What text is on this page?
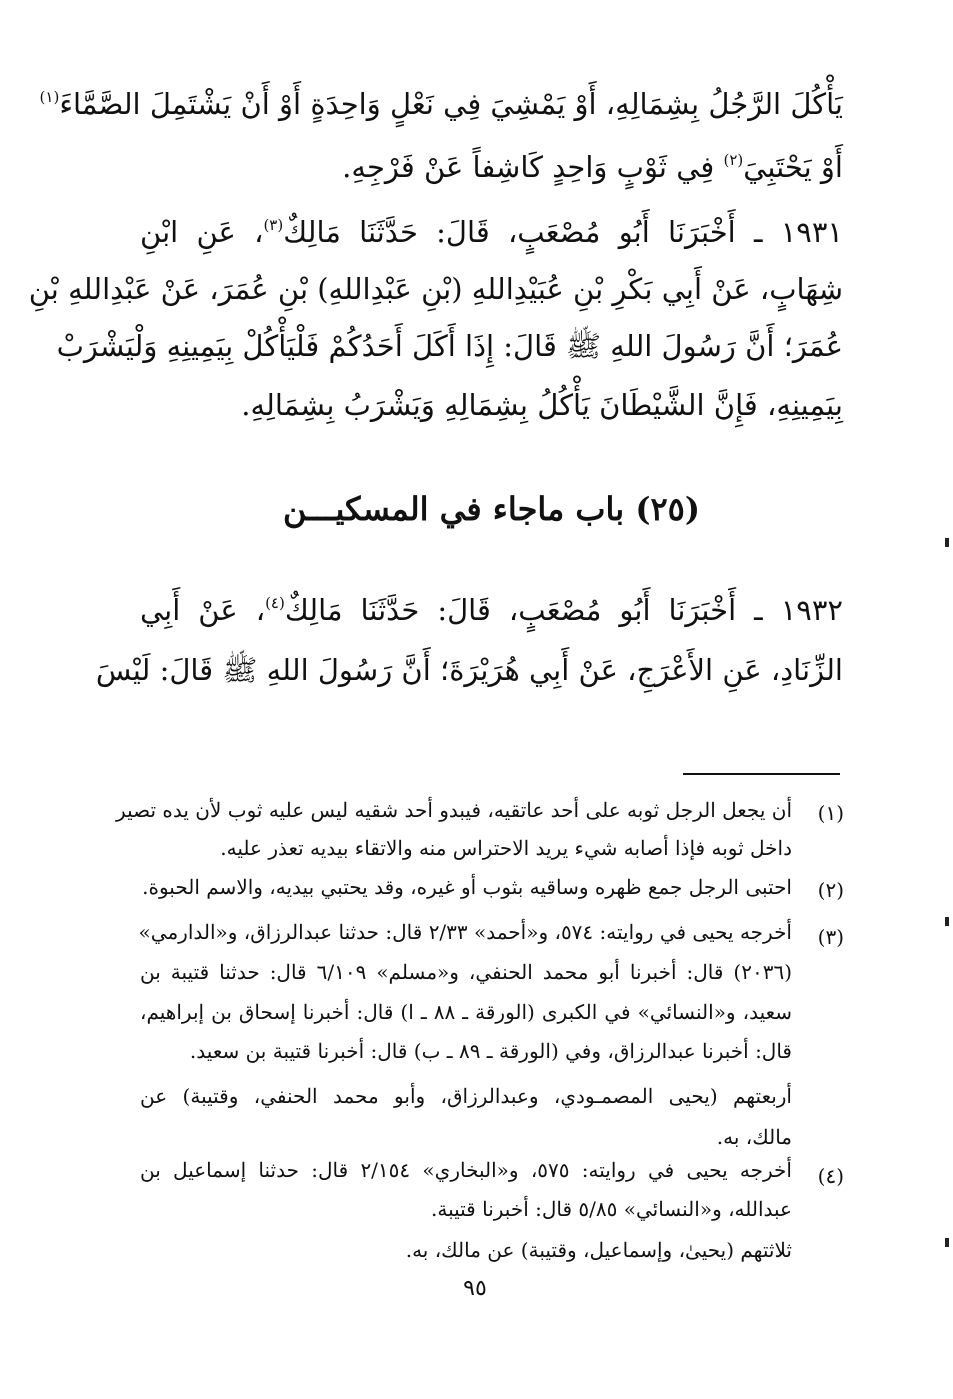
يَأْكُلَ الرَّجُلُ بِشِمَالِهِ، أَوْ يَمْشِيَ فِي نَعْلٍ وَاحِدَةٍ أَوْ أَنْ يَشْتَمِلَ الصَّمَّاءَ$^{(١)}$
أَوْ يَحْتَبِيَ$^{(٢)}$ فِي ثَوْبٍ وَاحِدٍ كَاشِفاً عَنْ فَرْجِهِ.
١٩٣١ ـ أَخْبَرَنَا أَبُو مُصْعَبٍ، قَالَ: حَدَّثَنَا مَالِكٌ$^{(٣)}$، عَنِ ابْنِ
شِهَابٍ، عَنْ أَبِي بَكْرِ بْنِ عُبَيْدِاللهِ (بْنِ عَبْدِاللهِ) بْنِ عُمَرَ، عَنْ عَبْدِاللهِ بْنِ
عُمَرَ؛ أَنَّ رَسُولَ اللهِ ﷺ قَالَ: إِذَا أَكَلَ أَحَدُكُمْ فَلْيَأْكُلْ بِيَمِينِهِ وَلْيَشْرَبْ
بِيَمِينِهِ، فَإِنَّ الشَّيْطَانَ يَأْكُلُ بِشِمَالِهِ وَيَشْرَبُ بِشِمَالِهِ.
(٢٥) باب ماجاء في المسكيـــن
١٩٣٢ ـ أَخْبَرَنَا أَبُو مُصْعَبٍ، قَالَ: حَدَّثَنَا مَالِكٌ$^{(٤)}$، عَنْ أَبِي
الزِّنَادِ، عَنِ الأَعْرَجِ، عَنْ أَبِي هُرَيْرَةَ؛ أَنَّ رَسُولَ اللهِ ﷺ قَالَ: لَيْسَ
(١)
أن يجعل الرجل ثوبه على أحد عاتقيه، فيبدو أحد شقيه ليس عليه ثوب لأن يده تصير
داخل ثوبه فإذا أصابه شيء يريد الاحتراس منه والاتقاء بيديه تعذر عليه.
(٢)
احتبى الرجل جمع ظهره وساقيه بثوب أو غيره، وقد يحتبي بيديه، والاسم الحبوة.
(٣)
أخرجه يحيى في روايته: ٥٧٤، و«أحمد» ٢/٣٣ قال: حدثنا عبدالرزاق، و«الدارمي»
(٢٠٣٦) قال: أخبرنا أبو محمد الحنفي، و«مسلم» ٦/١٠٩ قال: حدثنا قتيبة بن
سعيد، و«النسائي» في الكبرى (الورقة ـ ٨٨ ـ ا) قال: أخبرنا إسحاق بن إبراهيم،
قال: أخبرنا عبدالرزاق، وفي (الورقة ـ ٨٩ ـ ب) قال: أخبرنا قتيبة بن سعيد.
أربعتهم (يحيى المصمـودي، وعبدالرزاق، وأبو محمد الحنفي، وقتيبة) عن
مالك، به.
(٤)
أخرجه يحيى في روايته: ٥٧٥، و«البخاري» ٢/١٥٤ قال: حدثنا إسماعيل بن
عبدالله، و«النسائي» ٥/٨٥ قال: أخبرنا قتيبة.
ثلاثتهم (يحيىٰ، وإسماعيل، وقتيبة) عن مالك، به.
٩٥
